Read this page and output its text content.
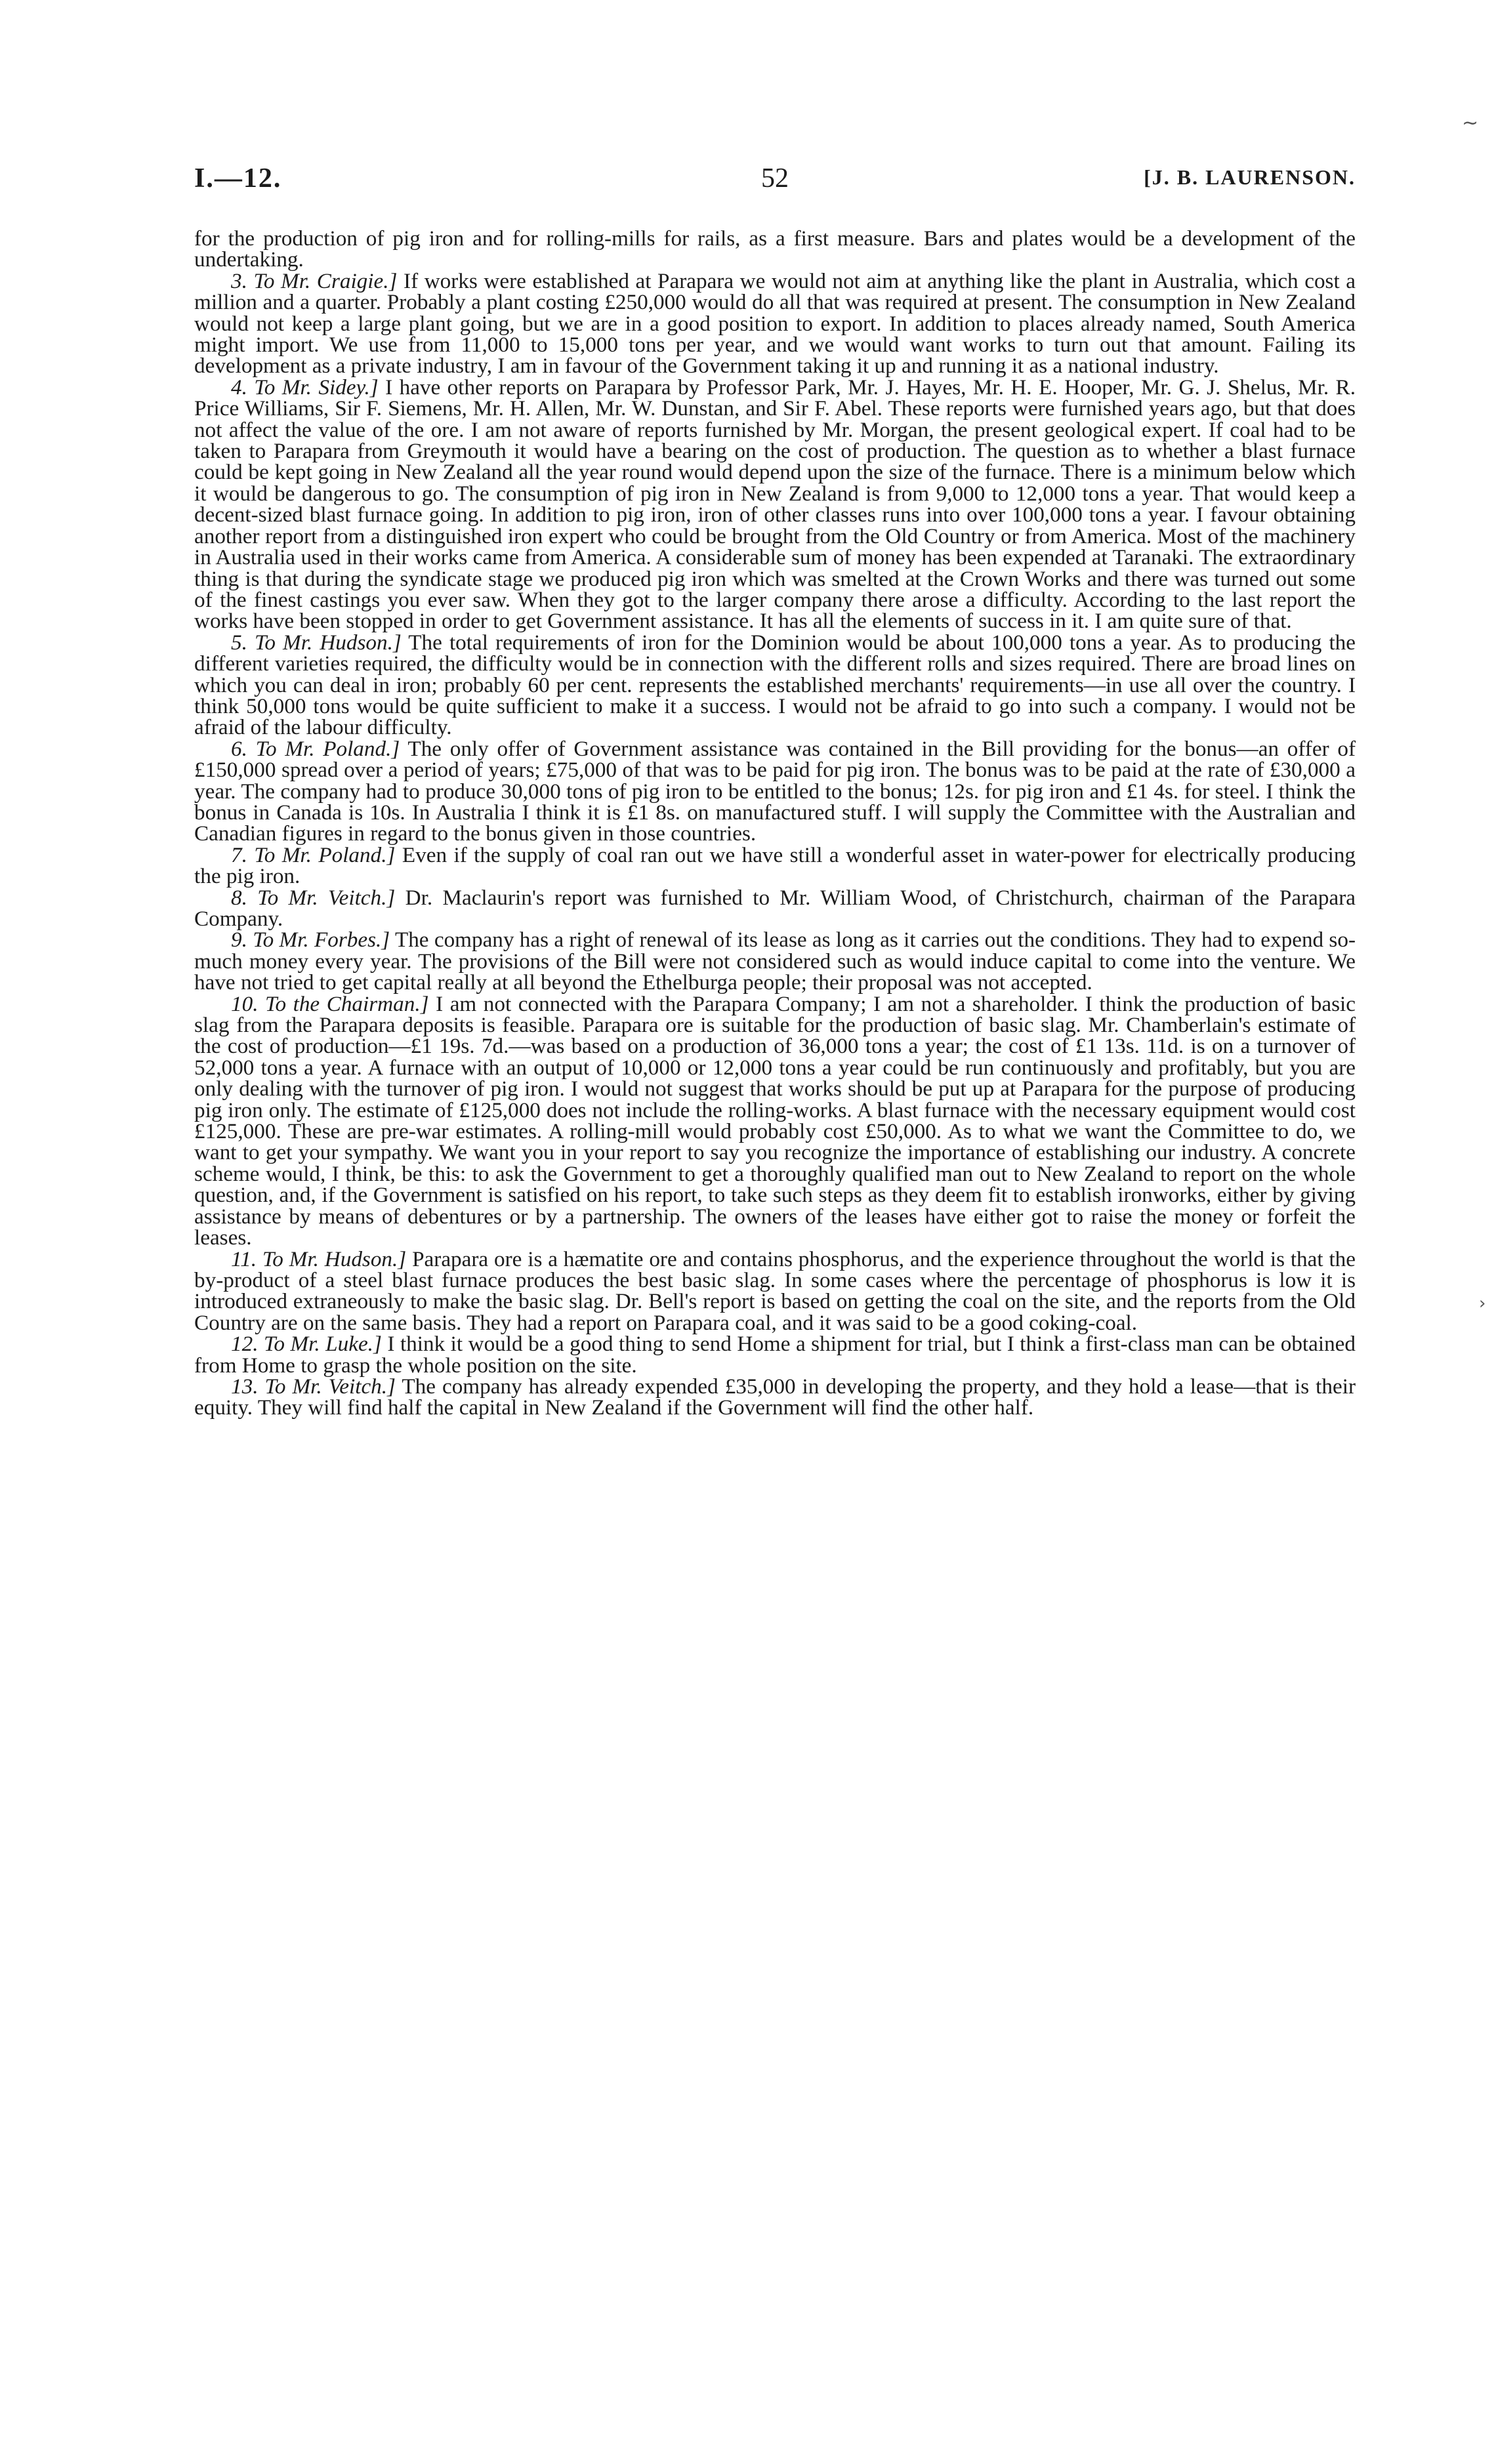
∼
›
I.—12.	52	[J. B. LAURENSON.

for the production of pig iron and for rolling-mills for rails, as a first measure. Bars and plates would be a development of the undertaking.

3. To Mr. Craigie.] If works were established at Parapara we would not aim at anything like the plant in Australia, which cost a million and a quarter. Probably a plant costing £250,000 would do all that was required at present. The consumption in New Zealand would not keep a large plant going, but we are in a good position to export. In addition to places already named, South America might import. We use from 11,000 to 15,000 tons per year, and we would want works to turn out that amount. Failing its development as a private industry, I am in favour of the Government taking it up and running it as a national industry.

4. To Mr. Sidey.] I have other reports on Parapara by Professor Park, Mr. J. Hayes, Mr. H. E. Hooper, Mr. G. J. Shelus, Mr. R. Price Williams, Sir F. Siemens, Mr. H. Allen, Mr. W. Dunstan, and Sir F. Abel. These reports were furnished years ago, but that does not affect the value of the ore. I am not aware of reports furnished by Mr. Morgan, the present geological expert. If coal had to be taken to Parapara from Greymouth it would have a bearing on the cost of production. The question as to whether a blast furnace could be kept going in New Zealand all the year round would depend upon the size of the furnace. There is a minimum below which it would be dangerous to go. The consumption of pig iron in New Zealand is from 9,000 to 12,000 tons a year. That would keep a decent-sized blast furnace going. In addition to pig iron, iron of other classes runs into over 100,000 tons a year. I favour obtaining another report from a distinguished iron expert who could be brought from the Old Country or from America. Most of the machinery in Australia used in their works came from America. A considerable sum of money has been expended at Taranaki. The extraordinary thing is that during the syndicate stage we produced pig iron which was smelted at the Crown Works and there was turned out some of the finest castings you ever saw. When they got to the larger company there arose a difficulty. According to the last report the works have been stopped in order to get Government assistance. It has all the elements of success in it. I am quite sure of that.

5. To Mr. Hudson.] The total requirements of iron for the Dominion would be about 100,000 tons a year. As to producing the different varieties required, the difficulty would be in connection with the different rolls and sizes required. There are broad lines on which you can deal in iron; probably 60 per cent. represents the established merchants' requirements—in use all over the country. I think 50,000 tons would be quite sufficient to make it a success. I would not be afraid to go into such a company. I would not be afraid of the labour difficulty.

6. To Mr. Poland.] The only offer of Government assistance was contained in the Bill providing for the bonus—an offer of £150,000 spread over a period of years; £75,000 of that was to be paid for pig iron. The bonus was to be paid at the rate of £30,000 a year. The company had to produce 30,000 tons of pig iron to be entitled to the bonus; 12s. for pig iron and £1 4s. for steel. I think the bonus in Canada is 10s. In Australia I think it is £1 8s. on manufactured stuff. I will supply the Committee with the Australian and Canadian figures in regard to the bonus given in those countries.

7. To Mr. Poland.] Even if the supply of coal ran out we have still a wonderful asset in water-power for electrically producing the pig iron.

8. To Mr. Veitch.] Dr. Maclaurin's report was furnished to Mr. William Wood, of Christchurch, chairman of the Parapara Company.

9. To Mr. Forbes.] The company has a right of renewal of its lease as long as it carries out the conditions. They had to expend so-much money every year. The provisions of the Bill were not considered such as would induce capital to come into the venture. We have not tried to get capital really at all beyond the Ethelburga people; their proposal was not accepted.

10. To the Chairman.] I am not connected with the Parapara Company; I am not a shareholder. I think the production of basic slag from the Parapara deposits is feasible. Parapara ore is suitable for the production of basic slag. Mr. Chamberlain's estimate of the cost of production—£1 19s. 7d.—was based on a production of 36,000 tons a year; the cost of £1 13s. 11d. is on a turnover of 52,000 tons a year. A furnace with an output of 10,000 or 12,000 tons a year could be run continuously and profitably, but you are only dealing with the turnover of pig iron. I would not suggest that works should be put up at Parapara for the purpose of producing pig iron only. The estimate of £125,000 does not include the rolling-works. A blast furnace with the necessary equipment would cost £125,000. These are pre-war estimates. A rolling-mill would probably cost £50,000. As to what we want the Committee to do, we want to get your sympathy. We want you in your report to say you recognize the importance of establishing our industry. A concrete scheme would, I think, be this: to ask the Government to get a thoroughly qualified man out to New Zealand to report on the whole question, and, if the Government is satisfied on his report, to take such steps as they deem fit to establish ironworks, either by giving assistance by means of debentures or by a partnership. The owners of the leases have either got to raise the money or forfeit the leases.

11. To Mr. Hudson.] Parapara ore is a hæmatite ore and contains phosphorus, and the experience throughout the world is that the by-product of a steel blast furnace produces the best basic slag. In some cases where the percentage of phosphorus is low it is introduced extraneously to make the basic slag. Dr. Bell's report is based on getting the coal on the site, and the reports from the Old Country are on the same basis. They had a report on Parapara coal, and it was said to be a good coking-coal.

12. To Mr. Luke.] I think it would be a good thing to send Home a shipment for trial, but I think a first-class man can be obtained from Home to grasp the whole position on the site.

13. To Mr. Veitch.] The company has already expended £35,000 in developing the property, and they hold a lease—that is their equity. They will find half the capital in New Zealand if the Government will find the other half.
